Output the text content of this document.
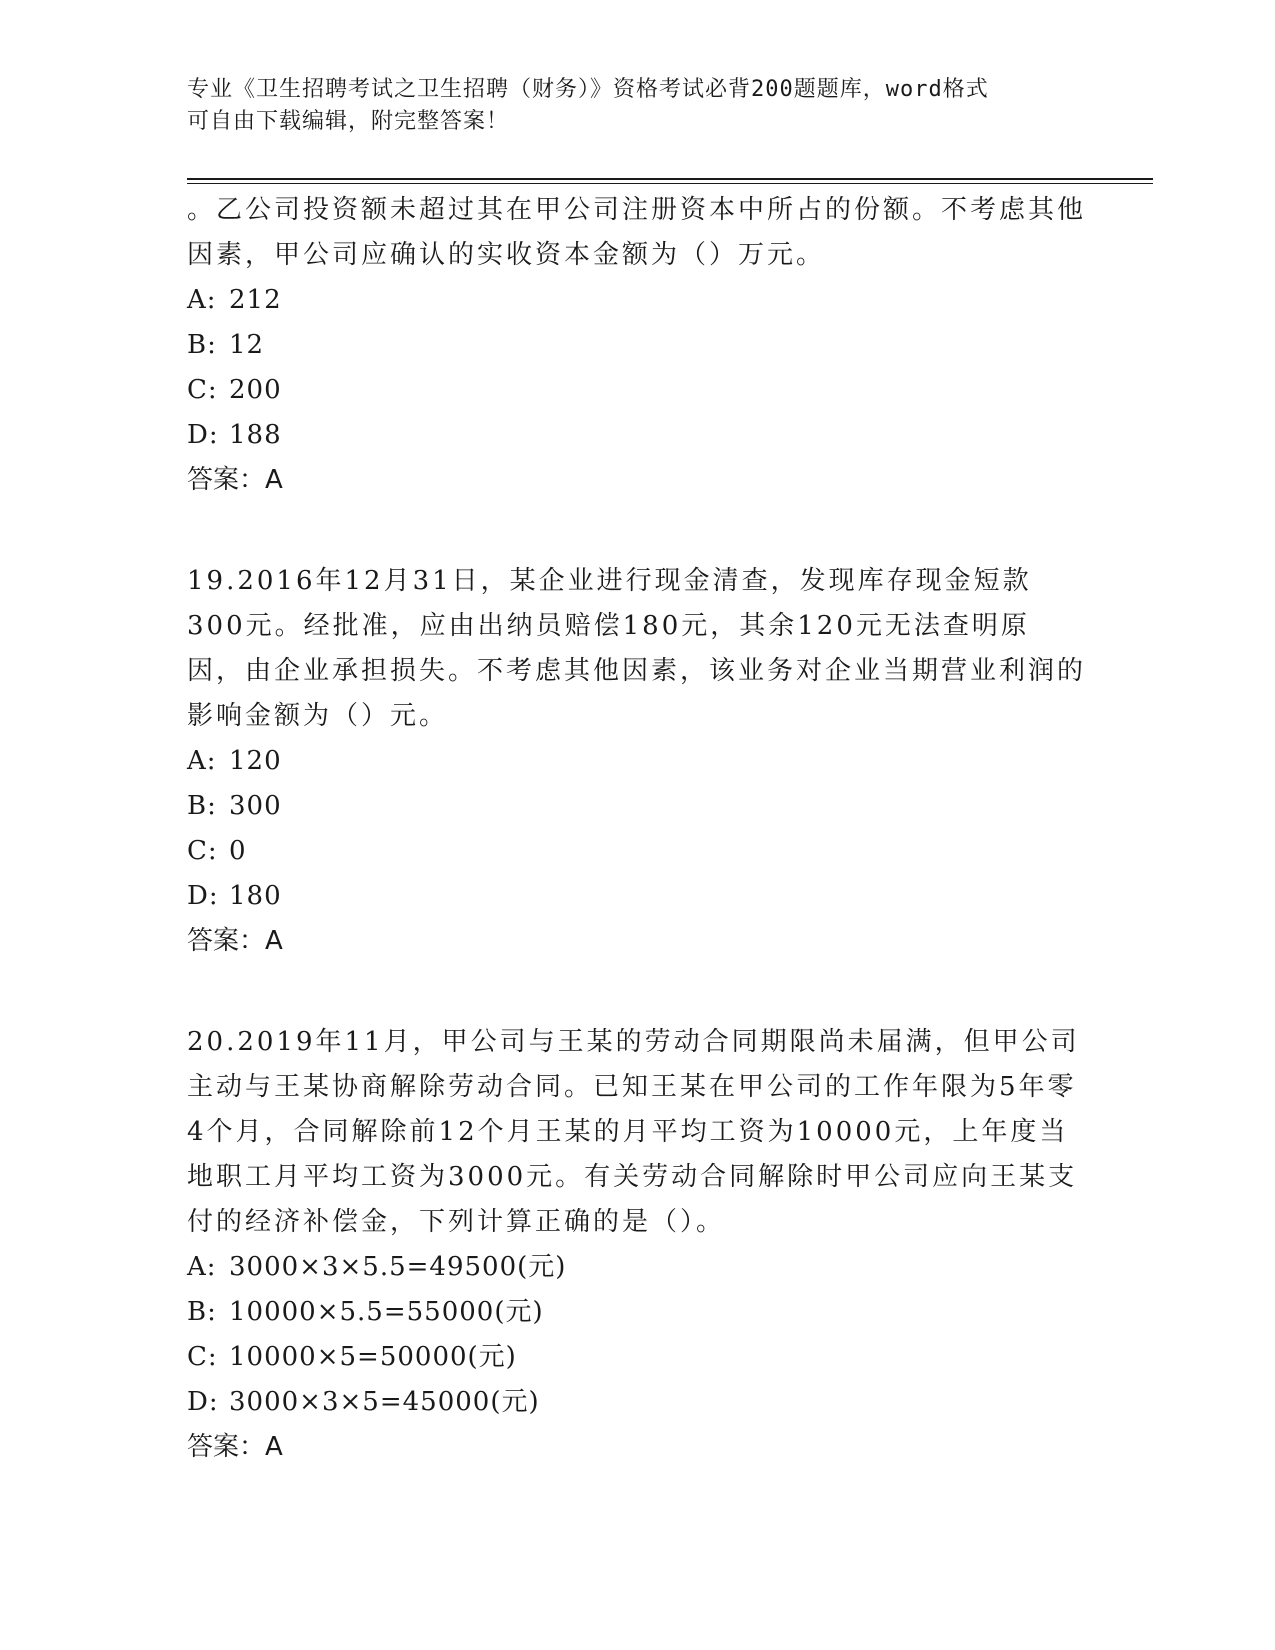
专业《卫生招聘考试之卫生招聘（财务）》资格考试必背200题题库，word格式
可自由下载编辑，附完整答案！

。乙公司投资额未超过其在甲公司注册资本中所占的份额。不考虑其他因素，甲公司应确认的实收资本金额为（）万元。

A: 212

B: 12

C: 200

D: 188

答案：A

19.2016年12月31日，某企业进行现金清查，发现库存现金短款300元。经批准，应由出纳员赔偿180元，其余120元无法查明原因，由企业承担损失。不考虑其他因素，该业务对企业当期营业利润的影响金额为（）元。

A: 120

B: 300

C: 0

D: 180

答案：A

20.2019年11月，甲公司与王某的劳动合同期限尚未届满，但甲公司主动与王某协商解除劳动合同。已知王某在甲公司的工作年限为5年零4个月，合同解除前12个月王某的月平均工资为10000元，上年度当地职工月平均工资为3000元。有关劳动合同解除时甲公司应向王某支付的经济补偿金，下列计算正确的是（）。

A: 3000×3×5.5=49500(元)

B: 10000×5.5=55000(元)

C: 10000×5=50000(元)

D: 3000×3×5=45000(元)

答案：A
